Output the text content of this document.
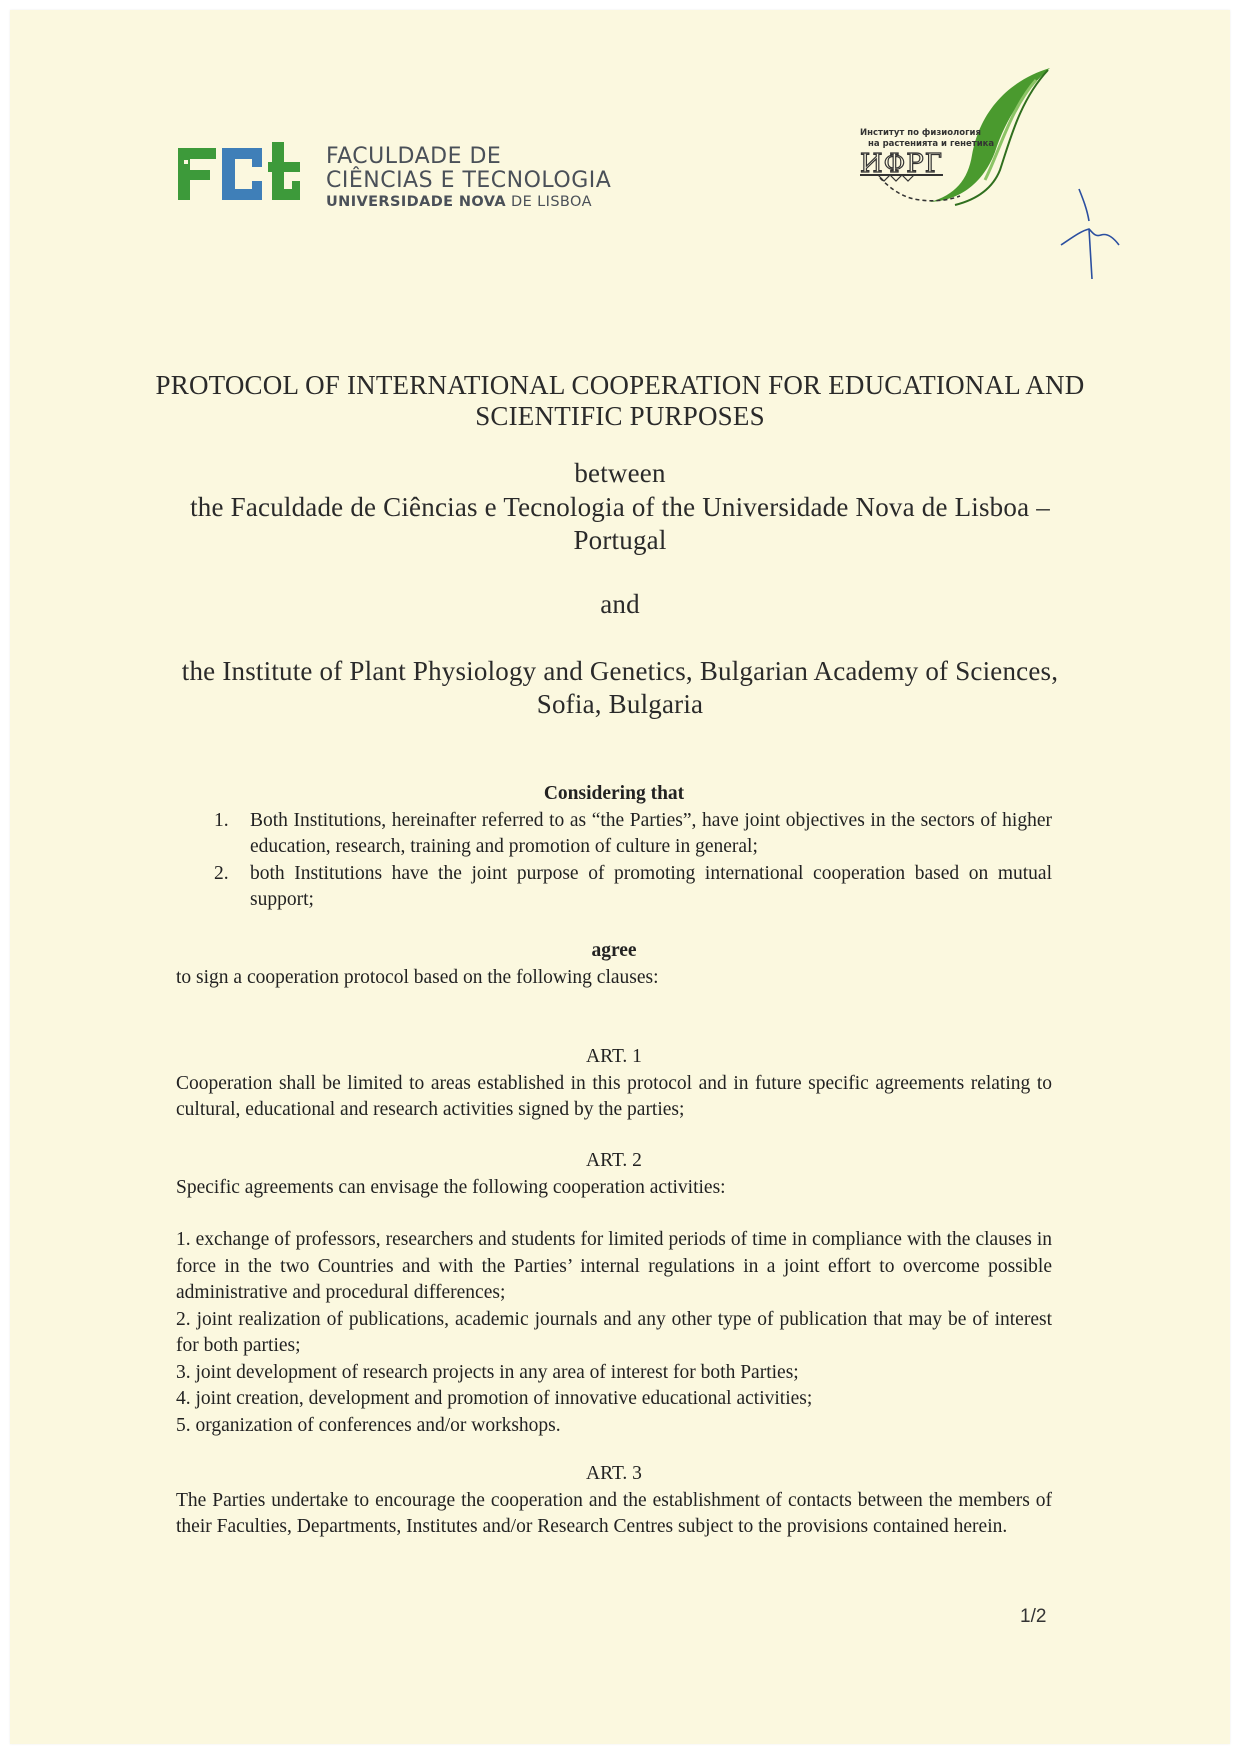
FACULDADE DE
CIÊNCIAS E TECNOLOGIA
UNIVERSIDADE NOVA DE LISBOA
Институт по физиология
на растенията и генетика
ИФРГ
PROTOCOL OF INTERNATIONAL COOPERATION FOR EDUCATIONAL AND SCIENTIFIC PURPOSES
between
the Faculdade de Ciências e Tecnologia of the Universidade Nova de Lisboa – Portugal
and
the Institute of Plant Physiology and Genetics, Bulgarian Academy of Sciences, Sofia, Bulgaria
Considering that
1. Both Institutions, hereinafter referred to as “the Parties”, have joint objectives in the sectors of higher education, research, training and promotion of culture in general;
2. both Institutions have the joint purpose of promoting international cooperation based on mutual support;
agree
to sign a cooperation protocol based on the following clauses:
ART. 1
Cooperation shall be limited to areas established in this protocol and in future specific agreements relating to cultural, educational and research activities signed by the parties;
ART. 2
Specific agreements can envisage the following cooperation activities:
1. exchange of professors, researchers and students for limited periods of time in compliance with the clauses in force in the two Countries and with the Parties’ internal regulations in a joint effort to overcome possible administrative and procedural differences;
2. joint realization of publications, academic journals and any other type of publication that may be of interest for both parties;
3. joint development of research projects in any area of interest for both Parties;
4. joint creation, development and promotion of innovative educational activities;
5. organization of conferences and/or workshops.
ART. 3
The Parties undertake to encourage the cooperation and the establishment of contacts between the members of their Faculties, Departments, Institutes and/or Research Centres subject to the provisions contained herein.
1/2
